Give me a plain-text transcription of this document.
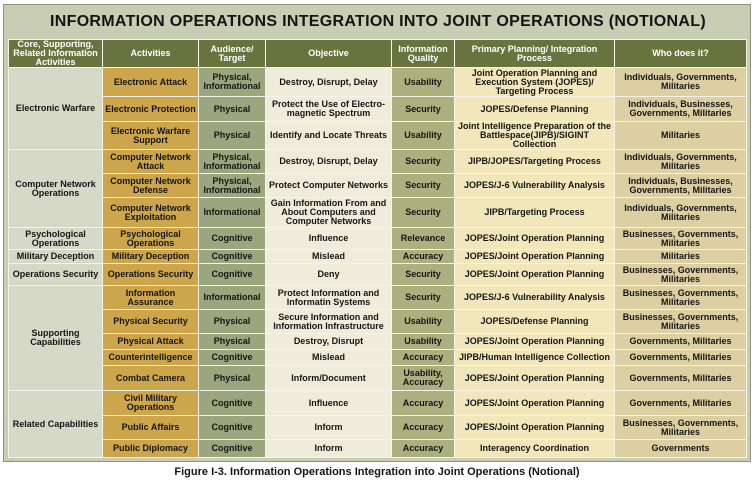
INFORMATION OPERATIONS INTEGRATION INTO JOINT OPERATIONS (NOTIONAL)
Core, Supporting, Related Information Activities	Activities	Audience/ Target	Objective	Information Quality	Primary Planning/ Integration Process	Who does it?
Electronic Warfare	Electronic Attack	Physical, Informational	Destroy, Disrupt, Delay	Usability	Joint Operation Planning and Execution System (JOPES)/ Targeting Process	Individuals, Governments, Militaries
	Electronic Protection	Physical	Protect the Use of Electro- magnetic Spectrum	Security	JOPES/Defense Planning	Individuals, Businesses, Governments, Militaries
	Electronic Warfare Support	Physical	Identify and Locate Threats	Usability	Joint Intelligence Preparation of the Battlespace(JIPB)/SIGINT Collection	Militaries
Computer Network Operations	Computer Network Attack	Physical, Informational	Destroy, Disrupt, Delay	Security	JIPB/JOPES/Targeting Process	Individuals, Governments, Militaries
	Computer Network Defense	Physical, Informational	Protect Computer Networks	Security	JOPES/J-6 Vulnerability Analysis	Individuals, Businesses, Governments, Militaries
	Computer Network Exploitation	Informational	Gain Information From and About Computers and Computer Networks	Security	JIPB/Targeting Process	Individuals, Governments, Militaries
Psychological Operations	Psychological Operations	Cognitive	Influence	Relevance	JOPES/Joint Operation Planning	Businesses, Governments, Militaries
Military Deception	Military Deception	Cognitive	Mislead	Accuracy	JOPES/Joint Operation Planning	Militaries
Operations Security	Operations Security	Cognitive	Deny	Security	JOPES/Joint Operation Planning	Businesses, Governments, Militaries
Supporting Capabilities	Information Assurance	Informational	Protect Information and Informatin Systems	Security	JOPES/J-6 Vulnerability Analysis	Businesses, Governments, Militaries
	Physical Security	Physical	Secure Information and Information Infrastructure	Usability	JOPES/Defense Planning	Businesses, Governments, Militaries
	Physical Attack	Physical	Destroy, Disrupt	Usability	JOPES/Joint Operation Planning	Governments, Militaries
	Counterintelligence	Cognitive	Mislead	Accuracy	JIPB/Human Intelligence Collection	Governments, Militaries
	Combat Camera	Physical	Inform/Document	Usability, Accuracy	JOPES/Joint Operation Planning	Governments, Militaries
Related Capabilities	Civil Military Operations	Cognitive	Influence	Accuracy	JOPES/Joint Operation Planning	Governments, Militaries
	Public Affairs	Cognitive	Inform	Accuracy	JOPES/Joint Operation Planning	Businesses, Governments, Militaries
	Public Diplomacy	Cognitive	Inform	Accuracy	Interagency Coordination	Governments
Figure I-3. Information Operations Integration into Joint Operations (Notional)
